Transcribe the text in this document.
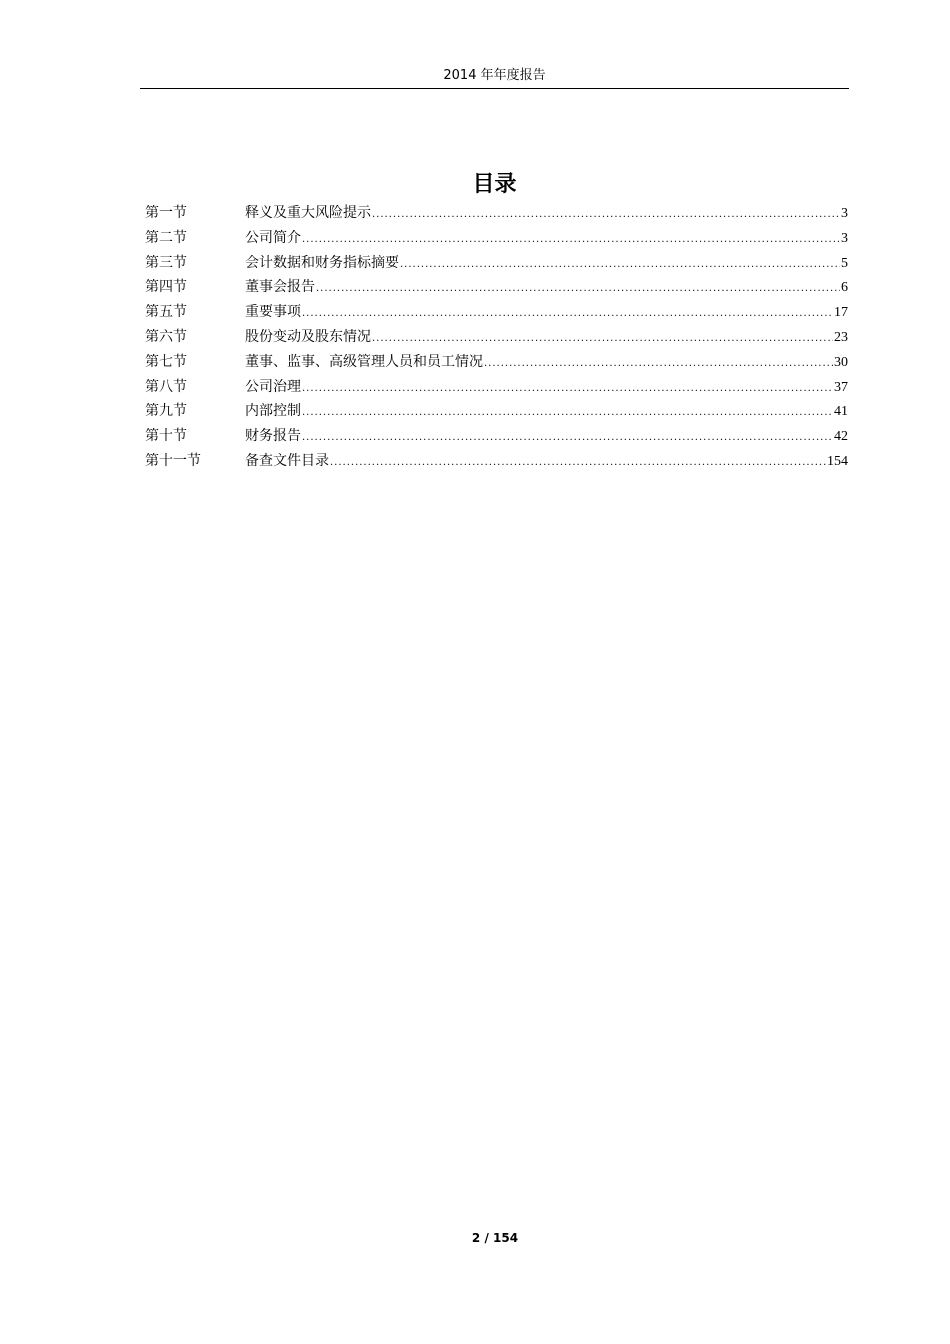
2014 年年度报告
目录
第一节	释义及重大风险提示 .....	3
第二节	公司简介 .....	3
第三节	会计数据和财务指标摘要 .....	5
第四节	董事会报告 .....	6
第五节	重要事项 .....	17
第六节	股份变动及股东情况 .....	23
第七节	董事、监事、高级管理人员和员工情况 .....	30
第八节	公司治理 .....	37
第九节	内部控制 .....	41
第十节	财务报告 .....	42
第十一节	备查文件目录 .....	154
2 / 154
